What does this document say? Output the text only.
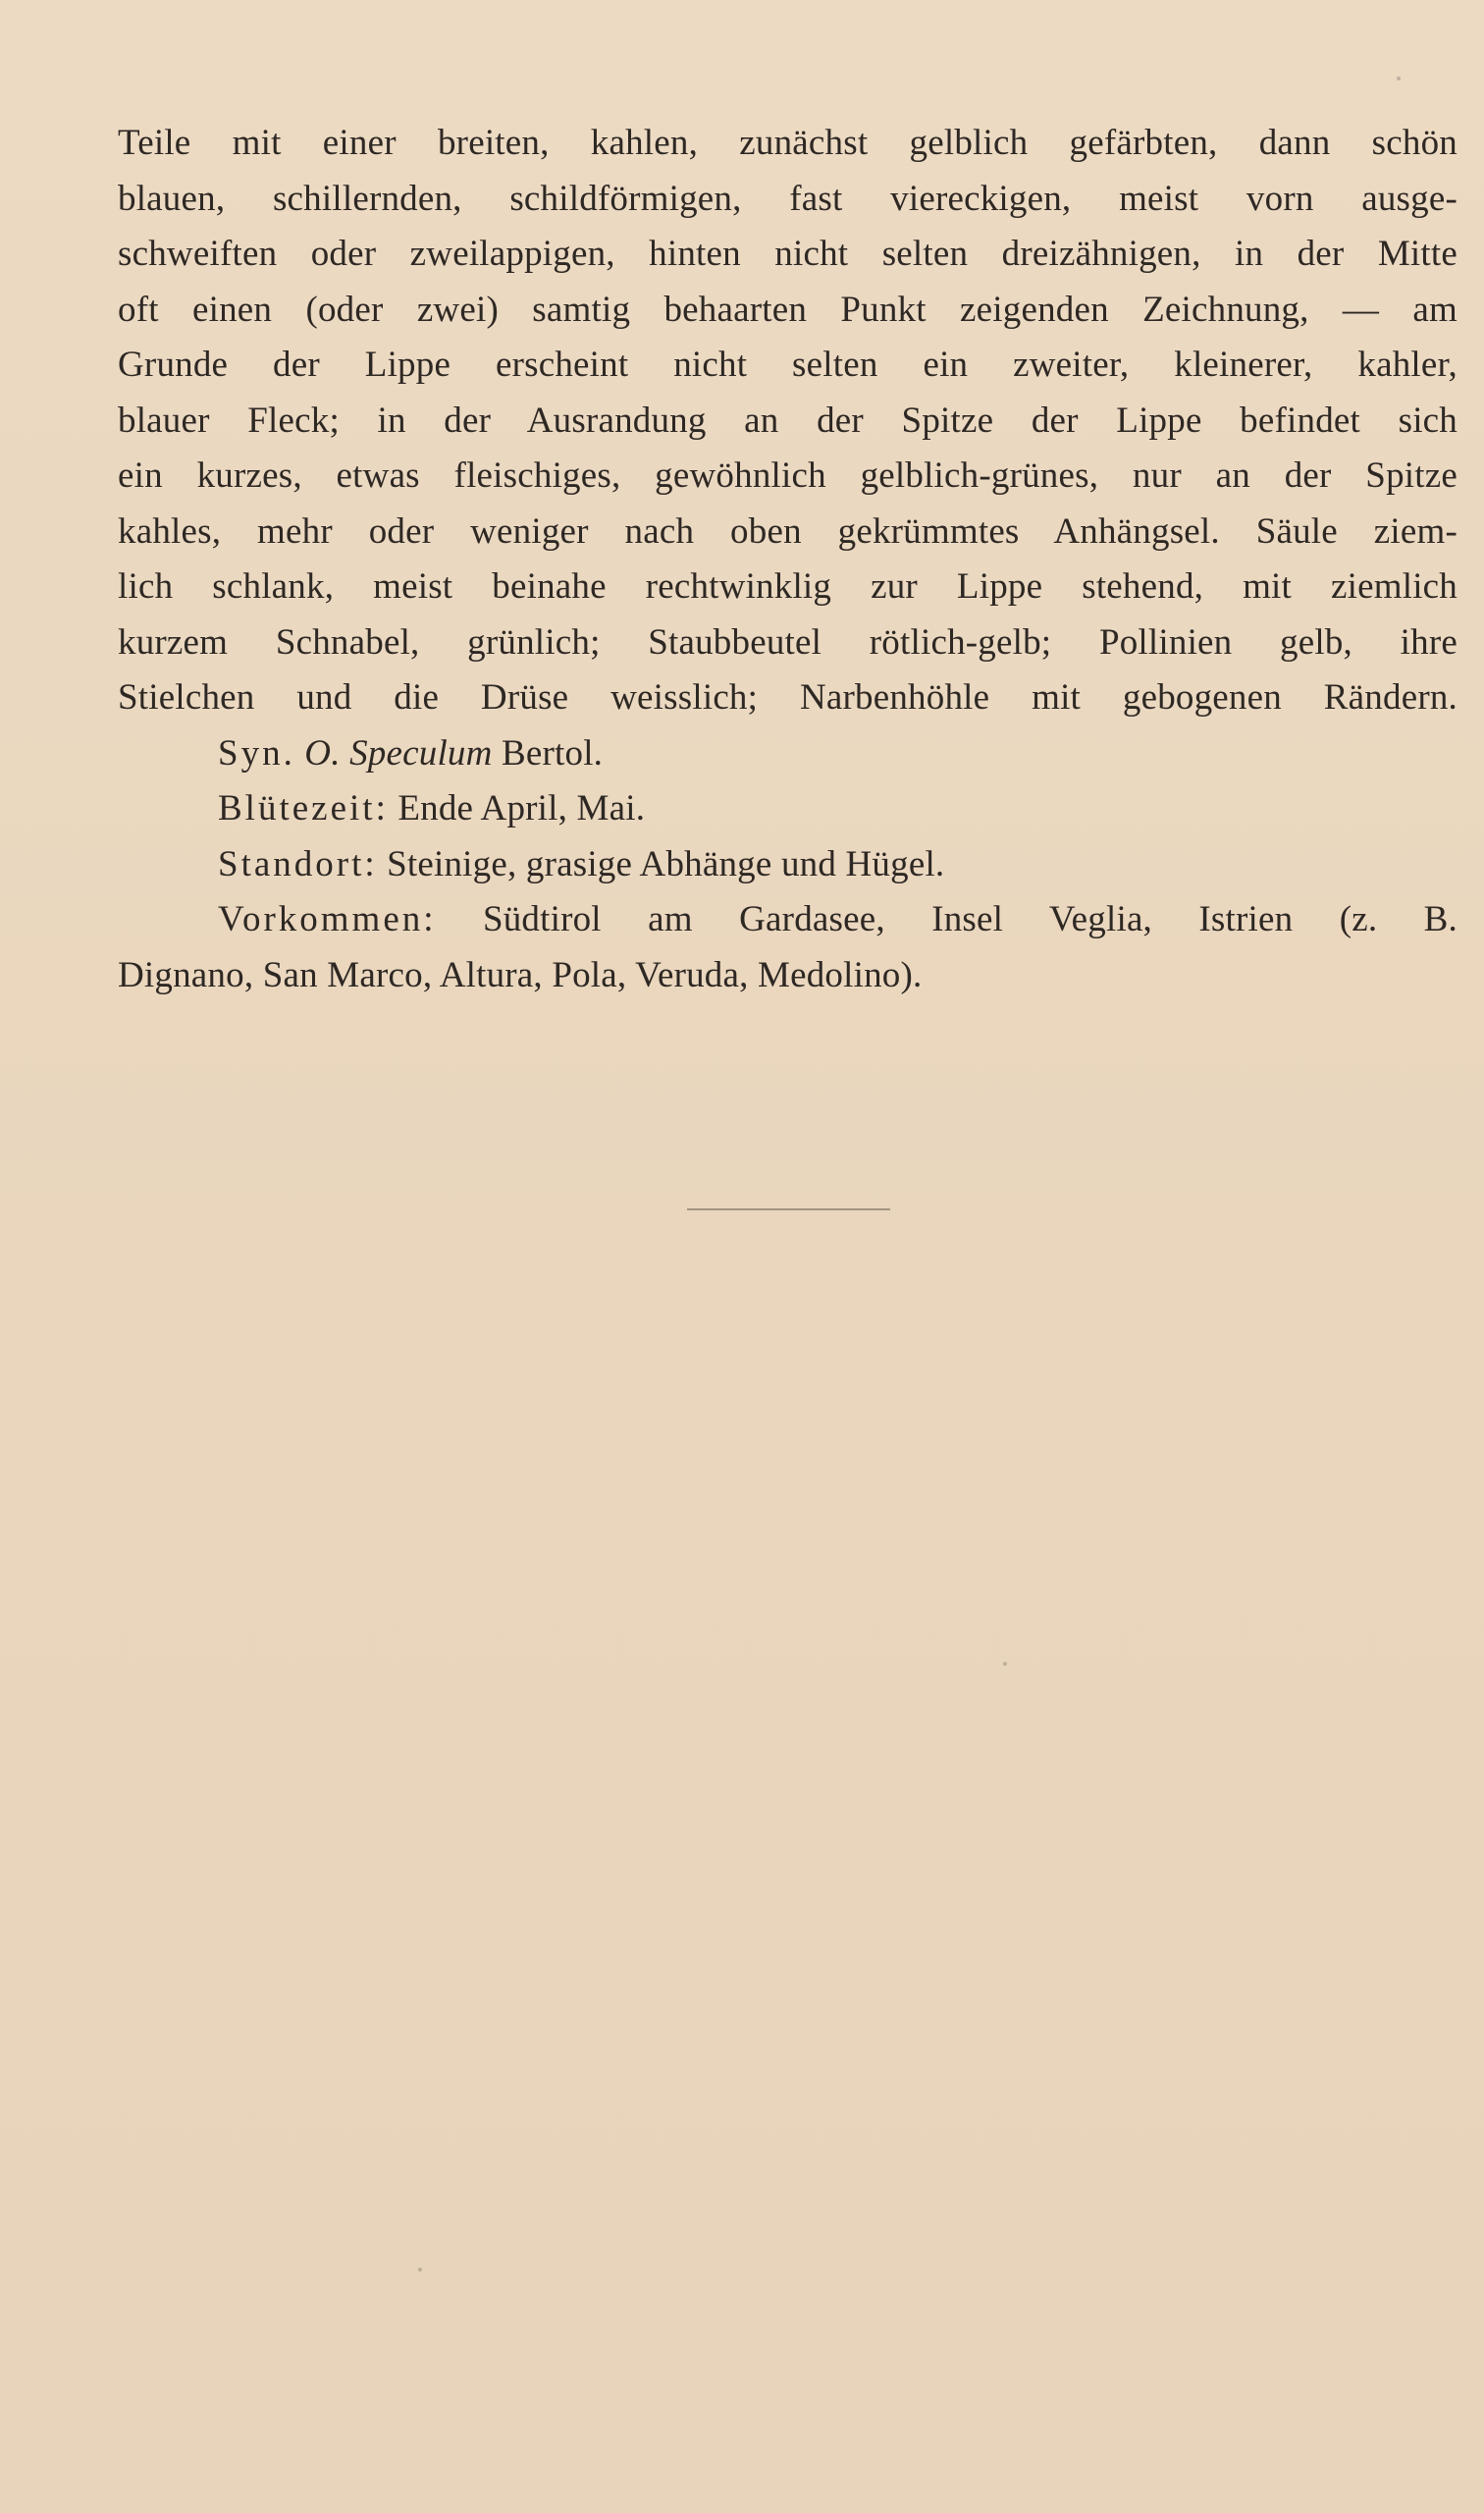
Teile mit einer breiten, kahlen, zunächst gelblich gefärbten, dann schön
blauen, schillernden, schildförmigen, fast viereckigen, meist vorn ausge-
schweiften oder zweilappigen, hinten nicht selten dreizähnigen, in der Mitte
oft einen (oder zwei) samtig behaarten Punkt zeigenden Zeichnung, — am
Grunde der Lippe erscheint nicht selten ein zweiter, kleinerer, kahler,
blauer Fleck; in der Ausrandung an der Spitze der Lippe befindet sich
ein kurzes, etwas fleischiges, gewöhnlich gelblich-grünes, nur an der Spitze
kahles, mehr oder weniger nach oben gekrümmtes Anhängsel. Säule ziem-
lich schlank, meist beinahe rechtwinklig zur Lippe stehend, mit ziemlich
kurzem Schnabel, grünlich; Staubbeutel rötlich-gelb; Pollinien gelb, ihre
Stielchen und die Drüse weisslich; Narbenhöhle mit gebogenen Rändern.
Syn. O. Speculum Bertol.
Blütezeit: Ende April, Mai.
Standort: Steinige, grasige Abhänge und Hügel.
Vorkommen: Südtirol am Gardasee, Insel Veglia, Istrien (z. B.
Dignano, San Marco, Altura, Pola, Veruda, Medolino).
